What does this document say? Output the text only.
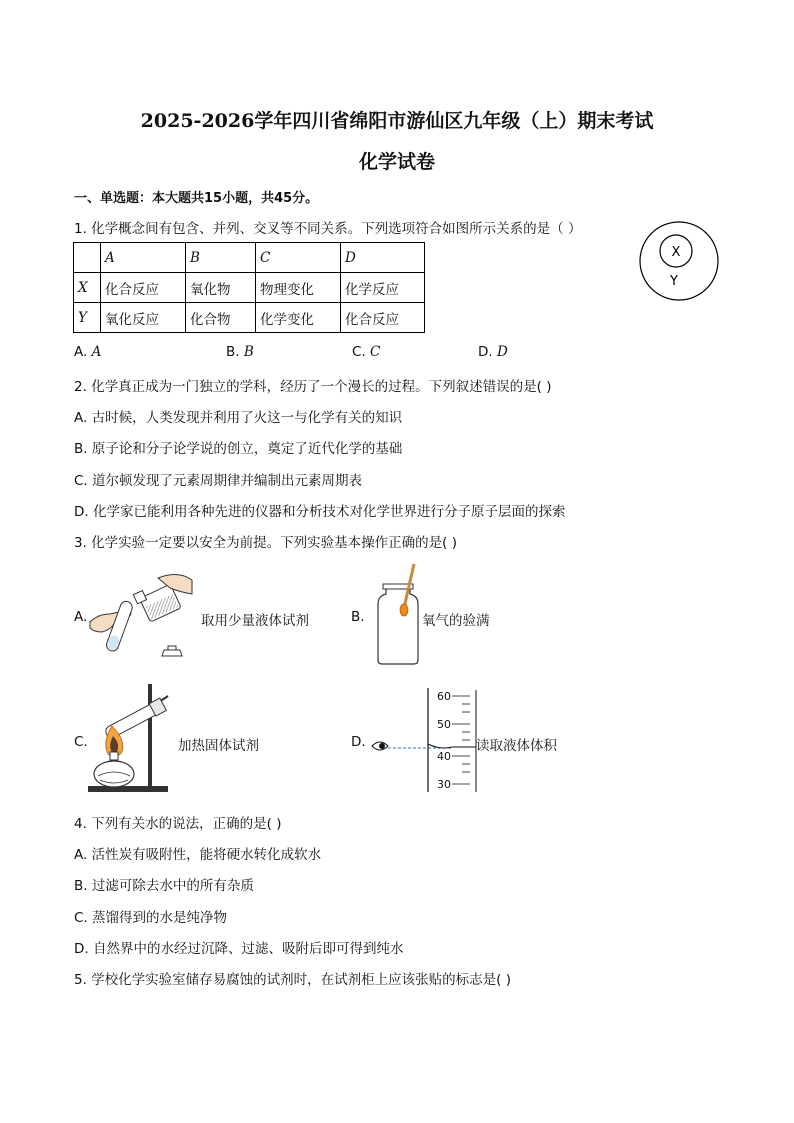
2025-2026学年四川省绵阳市游仙区九年级（上）期末考试
化学试卷
一、单选题：本大题共15小题，共45分。
1. 化学概念间有包含、并列、交叉等不同关系。下列选项符合如图所示关系的是（ ）
	A	B	C	D
X	化合反应	氧化物	物理变化	化学反应
Y	氧化反应	化合物	化学变化	化合反应
X
Y
A. A	B. B	C. C	D. D
2. 化学真正成为一门独立的学科，经历了一个漫长的过程。下列叙述错误的是( )
A. 古时候，人类发现并利用了火这一与化学有关的知识
B. 原子论和分子论学说的创立，奠定了近代化学的基础
C. 道尔顿发现了元素周期律并编制出元素周期表
D. 化学家已能利用各种先进的仪器和分析技术对化学世界进行分子原子层面的探索
3. 化学实验一定要以安全为前提。下列实验基本操作正确的是( )
A.	取用少量液体试剂	B.	氧气的验满
C.	加热固体试剂	D.
60
50
40
30
读取液体体积
4. 下列有关水的说法，正确的是( )
A. 活性炭有吸附性，能将硬水转化成软水
B. 过滤可除去水中的所有杂质
C. 蒸馏得到的水是纯净物
D. 自然界中的水经过沉降、过滤、吸附后即可得到纯水
5. 学校化学实验室储存易腐蚀的试剂时，在试剂柜上应该张贴的标志是( )
